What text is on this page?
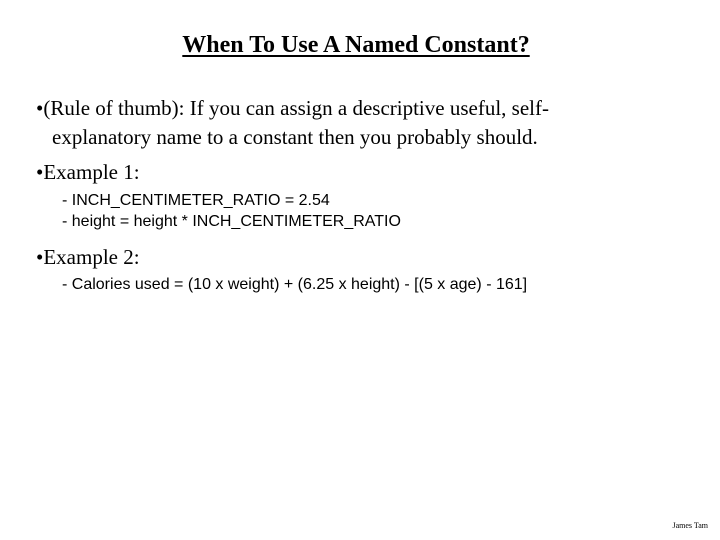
When To Use A Named Constant?
•(Rule of thumb): If you can assign a descriptive useful, self-
explanatory name to a constant then you probably should.
•Example 1:
- INCH_CENTIMETER_RATIO = 2.54
- height = height * INCH_CENTIMETER_RATIO
•Example 2:
- Calories used = (10 x weight) + (6.25 x height) - [(5 x age) - 161]
James Tam
